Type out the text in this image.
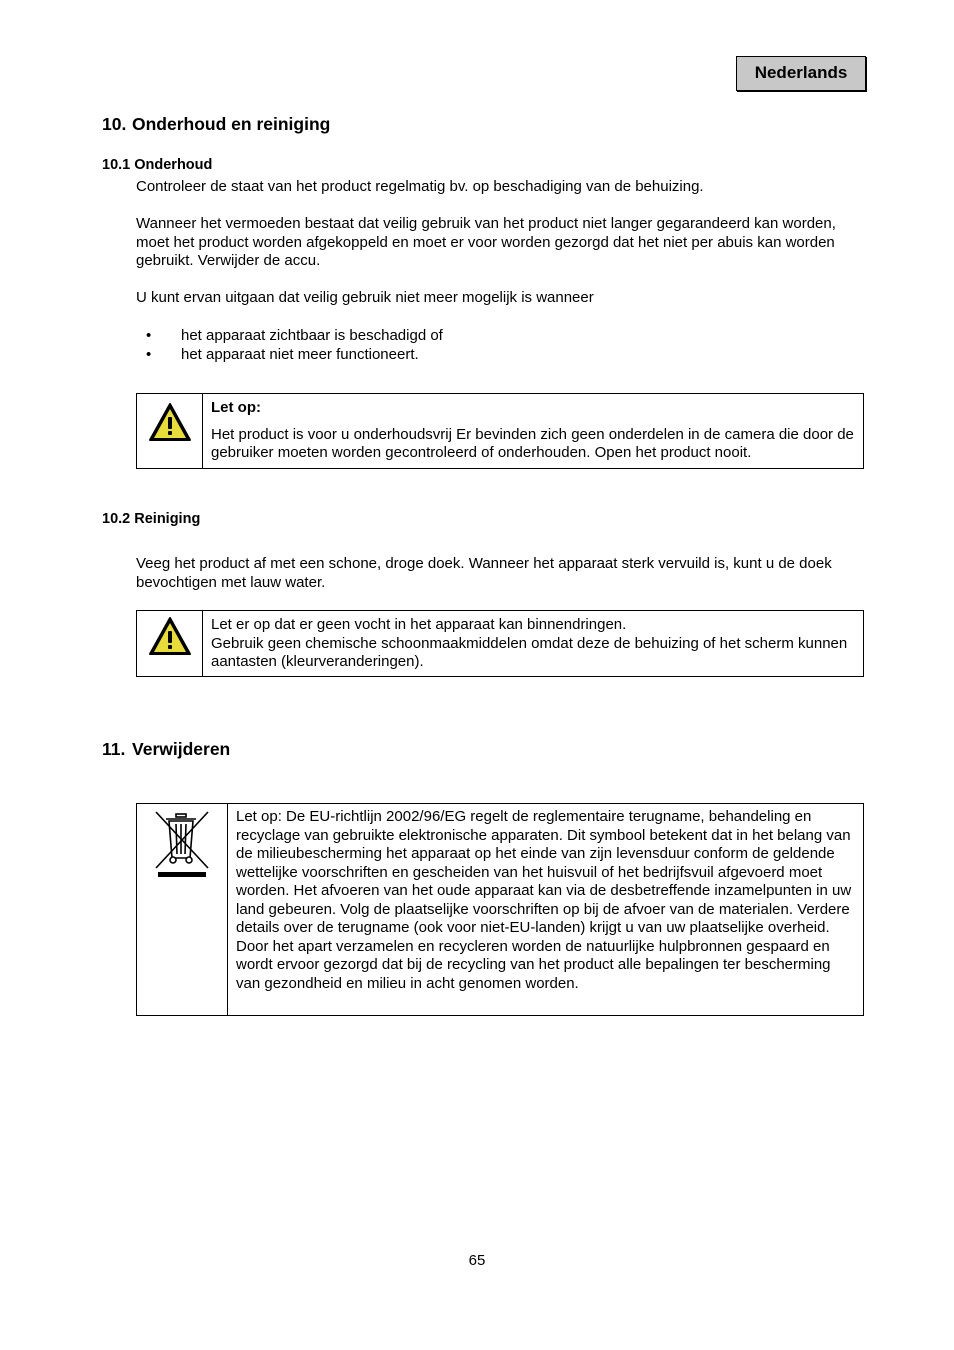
Nederlands
10. Onderhoud en reiniging
10.1 Onderhoud
Controleer de staat van het product regelmatig bv. op beschadiging van de behuizing.
Wanneer het vermoeden bestaat dat veilig gebruik van het product niet langer gegarandeerd kan worden, moet het product worden afgekoppeld en moet er voor worden gezorgd dat het niet per abuis kan worden gebruikt. Verwijder de accu.
U kunt ervan uitgaan dat veilig gebruik niet meer mogelijk is wanneer
• het apparaat zichtbaar is beschadigd of
• het apparaat niet meer functioneert.

Let op:
Het product is voor u onderhoudsvrij Er bevinden zich geen onderdelen in de camera die door de gebruiker moeten worden gecontroleerd of onderhouden. Open het product nooit.
10.2 Reiniging
Veeg het product af met een schone, droge doek. Wanneer het apparaat sterk vervuild is, kunt u de doek bevochtigen met lauw water.

Let er op dat er geen vocht in het apparaat kan binnendringen.
Gebruik geen chemische schoonmaakmiddelen omdat deze de behuizing of het scherm kunnen aantasten (kleurveranderingen).
11. Verwijderen

Let op: De EU-richtlijn 2002/96/EG regelt de reglementaire terugname, behandeling en recyclage van gebruikte elektronische apparaten. Dit symbool betekent dat in het belang van de milieubescherming het apparaat op het einde van zijn levensduur conform de geldende wettelijke voorschriften en gescheiden van het huisvuil of het bedrijfsvuil afgevoerd moet worden. Het afvoeren van het oude apparaat kan via de desbetreffende inzamelpunten in uw land gebeuren. Volg de plaatselijke voorschriften op bij de afvoer van de materialen. Verdere details over de terugname (ook voor niet-EU-landen) krijgt u van uw plaatselijke overheid. Door het apart verzamelen en recycleren worden de natuurlijke hulpbronnen gespaard en wordt ervoor gezorgd dat bij de recycling van het product alle bepalingen ter bescherming van gezondheid en milieu in acht genomen worden.
65
